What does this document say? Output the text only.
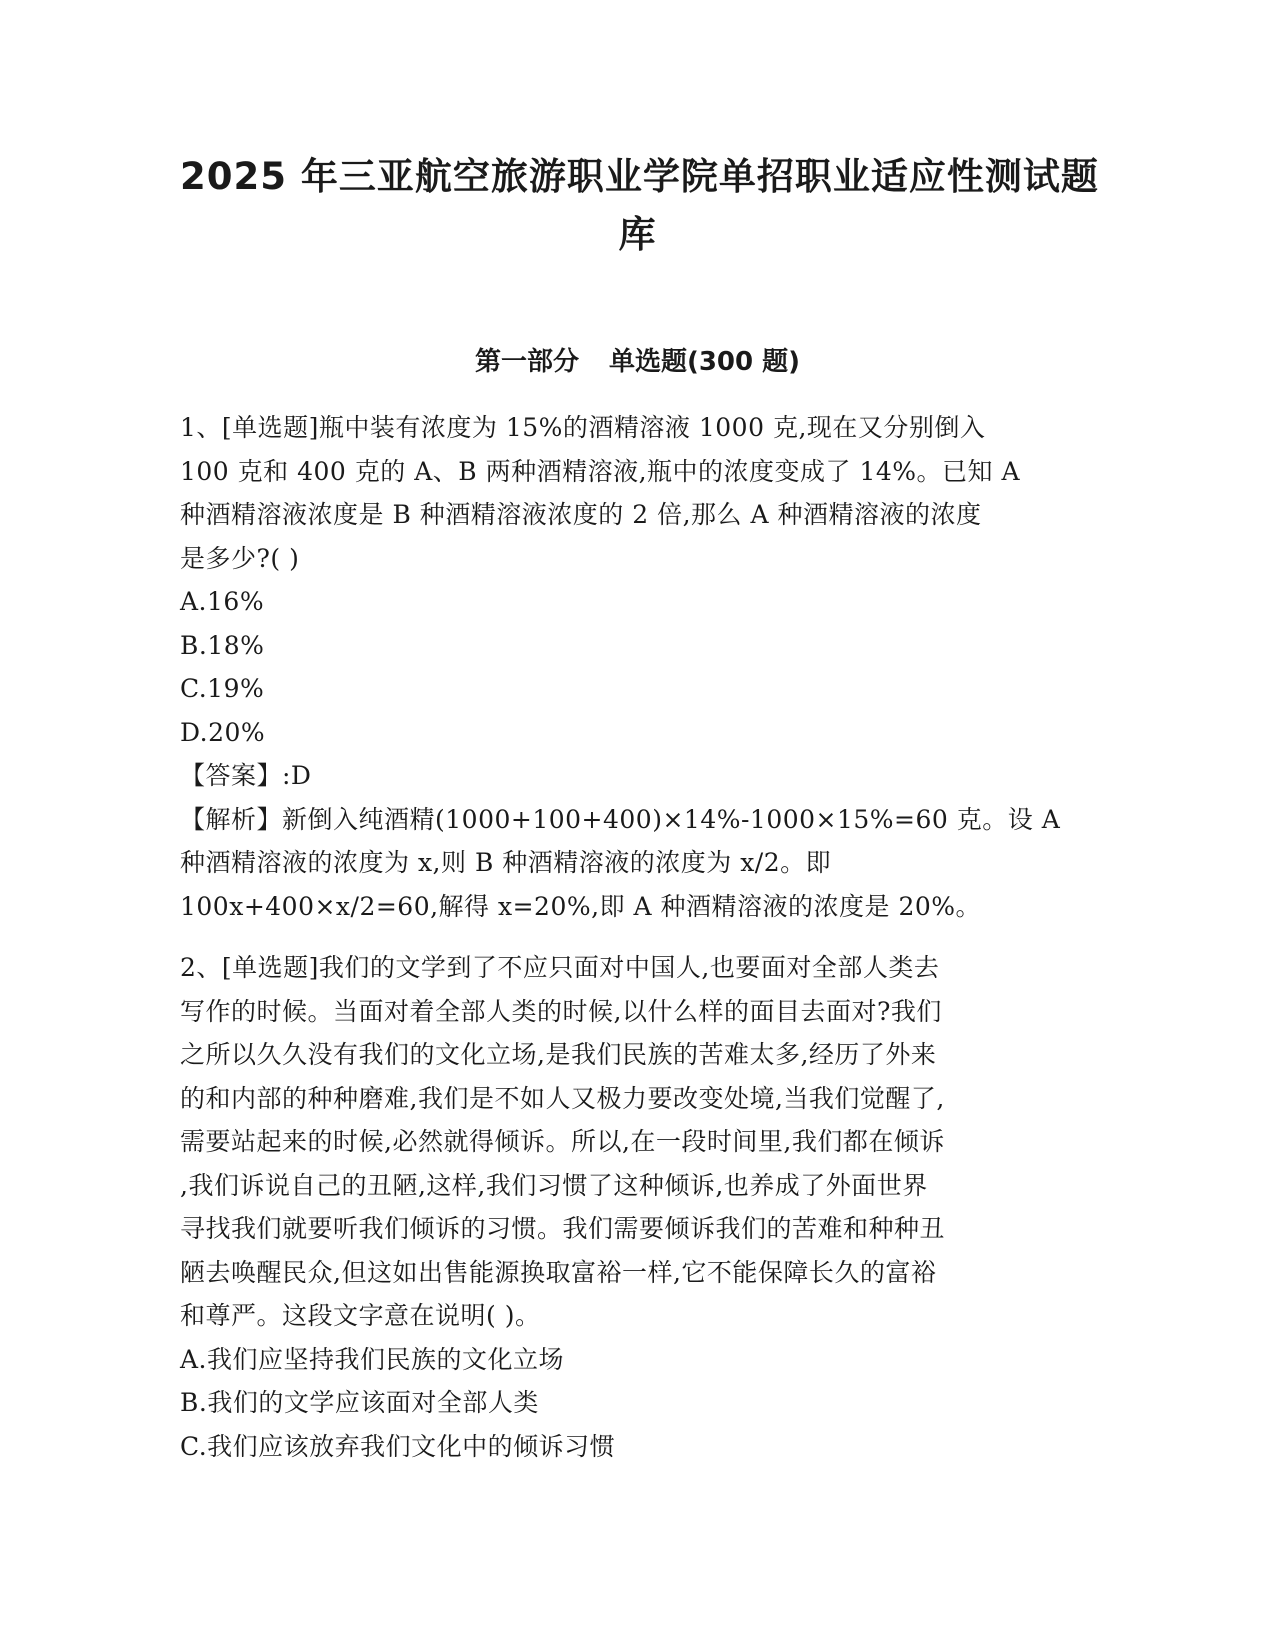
2025 年三亚航空旅游职业学院单招职业适应性测试题
库
第一部分 单选题(300 题)
1、[单选题]瓶中装有浓度为 15%的酒精溶液 1000 克,现在又分别倒入
100 克和 400 克的 A、B 两种酒精溶液,瓶中的浓度变成了 14%。已知 A
种酒精溶液浓度是 B 种酒精溶液浓度的 2 倍,那么 A 种酒精溶液的浓度
是多少?( )
A.16%
B.18%
C.19%
D.20%
【答案】:D
【解析】新倒入纯酒精(1000+100+400)×14%-1000×15%=60 克。设 A
种酒精溶液的浓度为 x,则 B 种酒精溶液的浓度为 x/2。即
100x+400×x/2=60,解得 x=20%,即 A 种酒精溶液的浓度是 20%。
2、[单选题]我们的文学到了不应只面对中国人,也要面对全部人类去
写作的时候。当面对着全部人类的时候,以什么样的面目去面对?我们
之所以久久没有我们的文化立场,是我们民族的苦难太多,经历了外来
的和内部的种种磨难,我们是不如人又极力要改变处境,当我们觉醒了,
需要站起来的时候,必然就得倾诉。所以,在一段时间里,我们都在倾诉
,我们诉说自己的丑陋,这样,我们习惯了这种倾诉,也养成了外面世界
寻找我们就要听我们倾诉的习惯。我们需要倾诉我们的苦难和种种丑
陋去唤醒民众,但这如出售能源换取富裕一样,它不能保障长久的富裕
和尊严。这段文字意在说明( )。
A.我们应坚持我们民族的文化立场
B.我们的文学应该面对全部人类
C.我们应该放弃我们文化中的倾诉习惯
